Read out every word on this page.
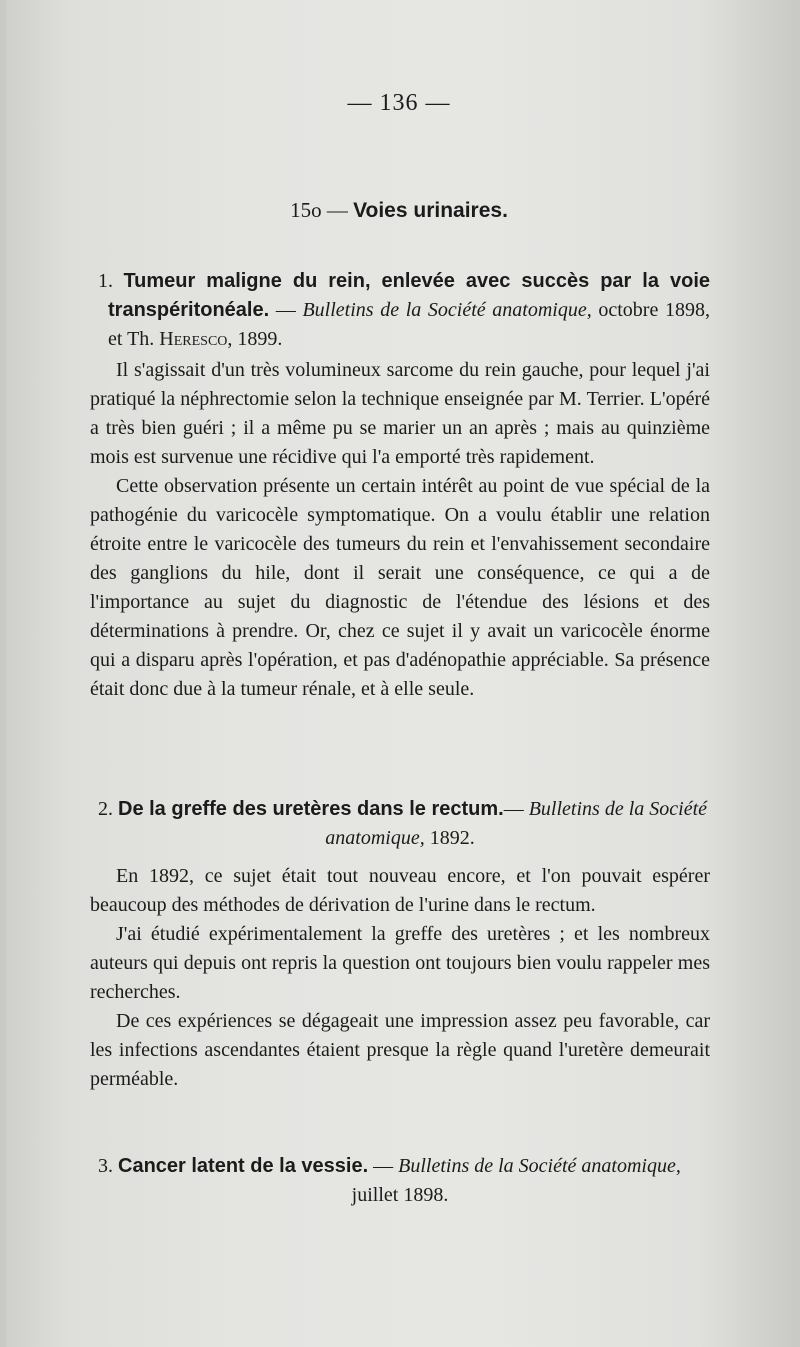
— 136 —
15o — Voies urinaires.
1. Tumeur maligne du rein, enlevée avec succès par la voie transpéritonéale. — Bulletins de la Société anatomique, octobre 1898, et Th. Heresco, 1899.

Il s'agissait d'un très volumineux sarcome du rein gauche, pour lequel j'ai pratiqué la néphrectomie selon la technique enseignée par M. Terrier. L'opéré a très bien guéri ; il a même pu se marier un an après ; mais au quinzième mois est survenue une récidive qui l'a emporté très rapidement.

Cette observation présente un certain intérêt au point de vue spécial de la pathogénie du varicocèle symptomatique. On a voulu établir une relation étroite entre le varicocèle des tumeurs du rein et l'envahissement secondaire des ganglions du hile, dont il serait une conséquence, ce qui a de l'importance au sujet du diagnostic de l'étendue des lésions et des déterminations à prendre. Or, chez ce sujet il y avait un varicocèle énorme qui a disparu après l'opération, et pas d'adénopathie appréciable. Sa présence était donc due à la tumeur rénale, et à elle seule.

2. De la greffe des uretères dans le rectum.— Bulletins de la Société
anatomique, 1892.

En 1892, ce sujet était tout nouveau encore, et l'on pouvait espérer beaucoup des méthodes de dérivation de l'urine dans le rectum.

J'ai étudié expérimentalement la greffe des uretères ; et les nombreux auteurs qui depuis ont repris la question ont toujours bien voulu rappeler mes recherches.

De ces expériences se dégageait une impression assez peu favorable, car les infections ascendantes étaient presque la règle quand l'uretère demeurait perméable.

3. Cancer latent de la vessie. — Bulletins de la Société anatomique,
juillet 1898.
